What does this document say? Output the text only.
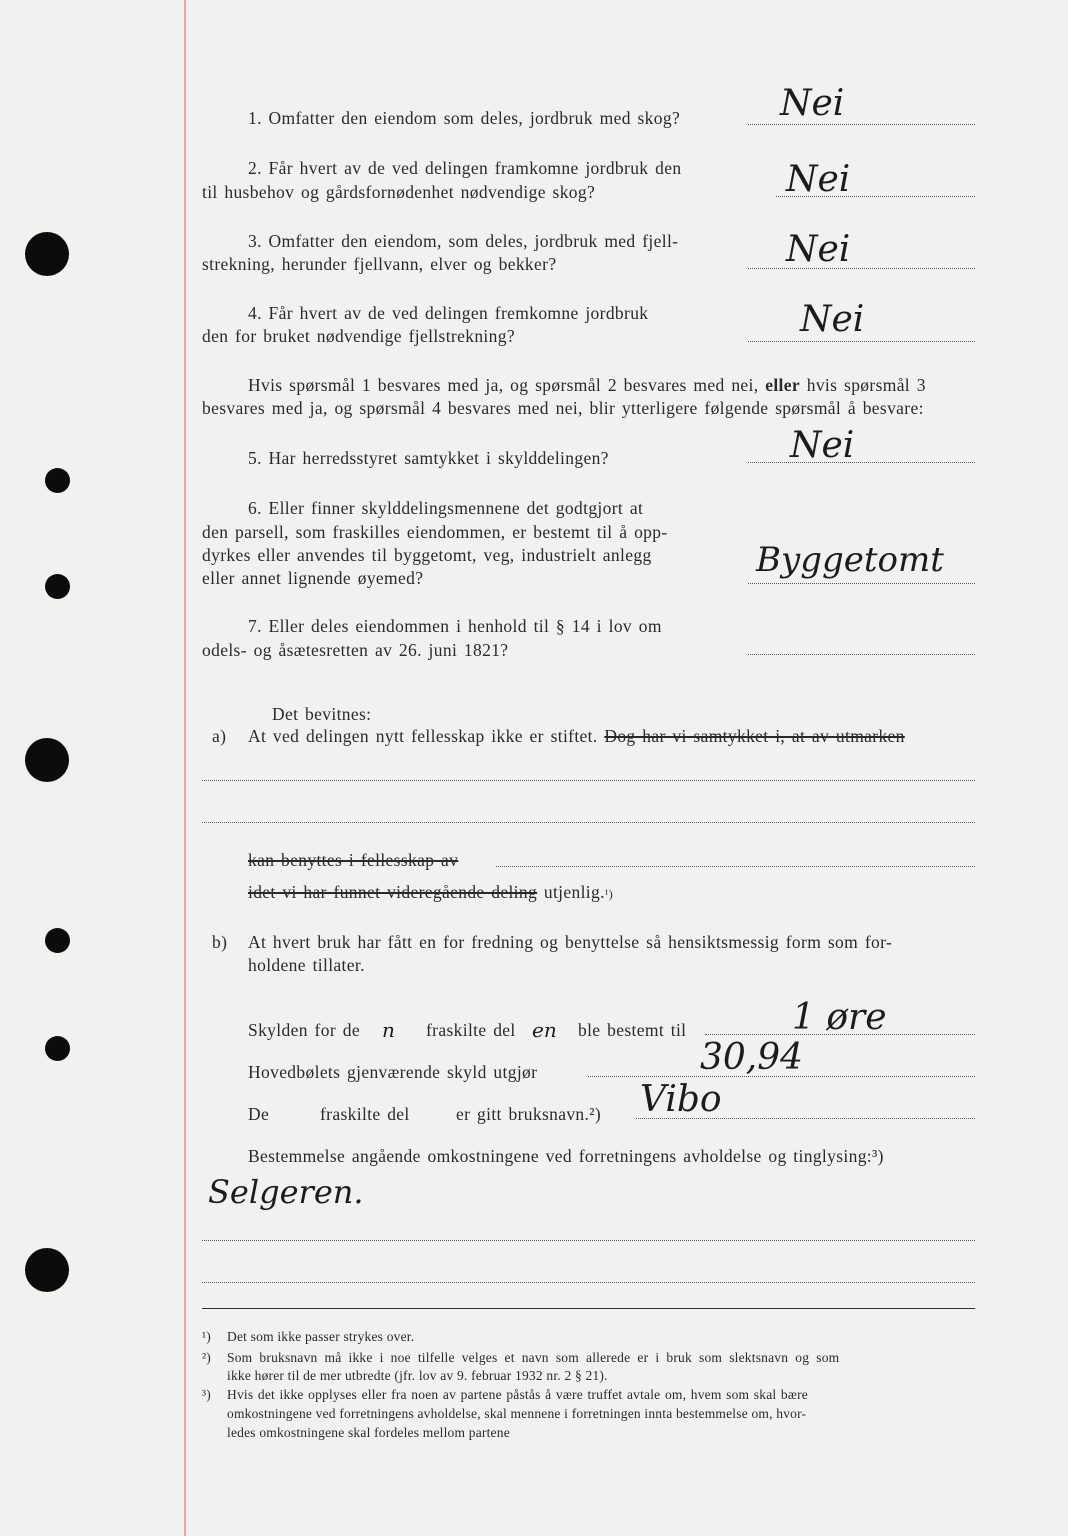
1. Omfatter den eiendom som deles, jordbruk med skog?	Nei
2. Får hvert av de ved delingen framkomne jordbruk den
til husbehov og gårdsfornødenhet nødvendige skog?	Nei
3. Omfatter den eiendom, som deles, jordbruk med fjell-
strekning, herunder fjellvann, elver og bekker?	Nei
4. Får hvert av de ved delingen fremkomne jordbruk
den for bruket nødvendige fjellstrekning?	Nei
Hvis spørsmål 1 besvares med ja, og spørsmål 2 besvares med nei, eller hvis spørsmål 3
besvares med ja, og spørsmål 4 besvares med nei, blir ytterligere følgende spørsmål å besvare:
5. Har herredsstyret samtykket i skylddelingen?	Nei
6. Eller finner skylddelingsmennene det godtgjort at
den parsell, som fraskilles eiendommen, er bestemt til å opp-
dyrkes eller anvendes til byggetomt, veg, industrielt anlegg
eller annet lignende øyemed?	Byggetomt
7. Eller deles eiendommen i henhold til § 14 i lov om
odels- og åsætesretten av 26. juni 1821?
Det bevitnes:
a) At ved delingen nytt fellesskap ikke er stiftet. Dog har vi samtykket i, at av utmarken
kan benyttes i fellesskap av
idet vi har funnet videregående deling utjenlig.¹)
b) At hvert bruk har fått en for fredning og benyttelse så hensiktsmessig form som for-
holdene tillater.
Skylden for de n fraskilte del en ble bestemt til	1 øre
Hovedbølets gjenværende skyld utgjør	30,94
De	fraskilte del	er gitt bruksnavn.²) Vibo
Bestemmelse angående omkostningene ved forretningens avholdelse og tinglysing:³)
Selgeren.
¹) Det som ikke passer strykes over.
²) Som bruksnavn må ikke i noe tilfelle velges et navn som allerede er i bruk som slektsnavn og som
ikke hører til de mer utbredte (jfr. lov av 9. februar 1932 nr. 2 § 21).
³) Hvis det ikke opplyses eller fra noen av partene påstås å være truffet avtale om, hvem som skal bære
omkostningene ved forretningens avholdelse, skal mennene i forretningen innta bestemmelse om, hvor-
ledes omkostningene skal fordeles mellom partene
